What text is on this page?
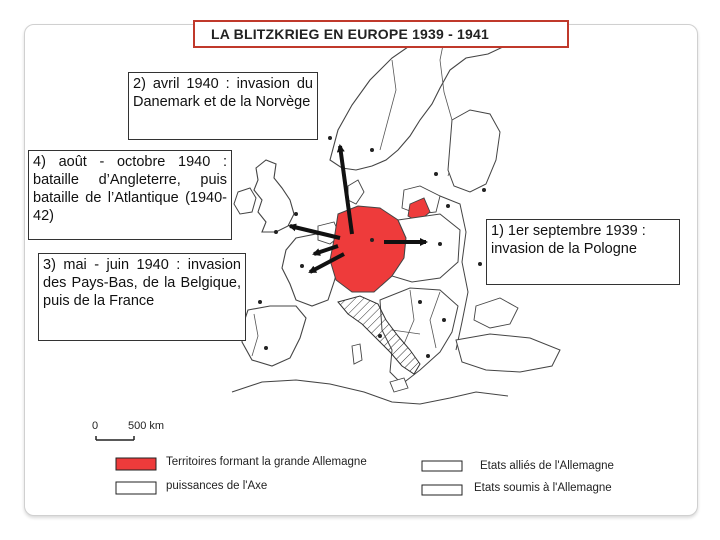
LA BLITZKRIEG EN EUROPE 1939 - 1941
2) avril 1940 : invasion du Danemark et de la Norvège
4) août - octobre 1940 : bataille d’Angleterre, puis bataille de l’Atlantique (1940-42)
3) mai - juin 1940 : invasion des Pays-Bas, de la Belgique, puis de la France
1) 1er septembre 1939 : invasion de la Pologne
0	500 km
Territoires formant la grande Allemagne
puissances de l'Axe
Etats alliés de l'Allemagne
Etats soumis à l'Allemagne
